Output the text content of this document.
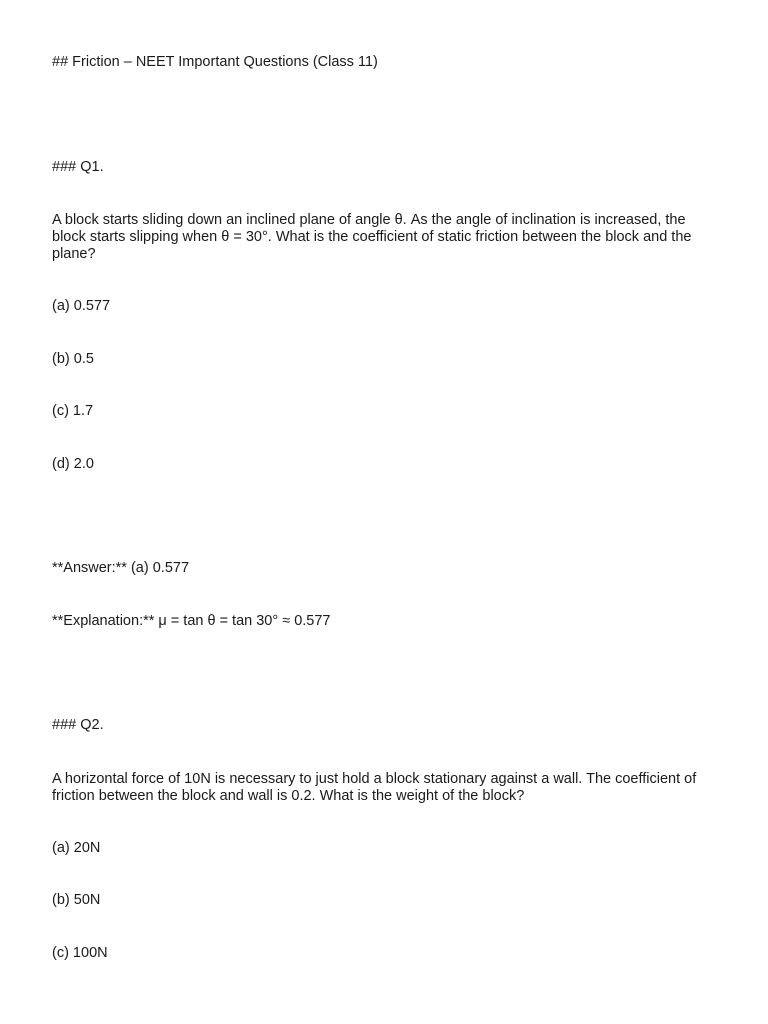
## Friction – NEET Important Questions (Class 11)

### Q1.

A block starts sliding down an inclined plane of angle θ. As the angle of inclination is increased, the block starts slipping when θ = 30°. What is the coefficient of static friction between the block and the plane?

(a) 0.577

(b) 0.5

(c) 1.7

(d) 2.0

**Answer:** (a) 0.577

**Explanation:** μ = tan θ = tan 30° ≈ 0.577

### Q2.

A horizontal force of 10N is necessary to just hold a block stationary against a wall. The coefficient of friction between the block and wall is 0.2. What is the weight of the block?

(a) 20N

(b) 50N

(c) 100N
